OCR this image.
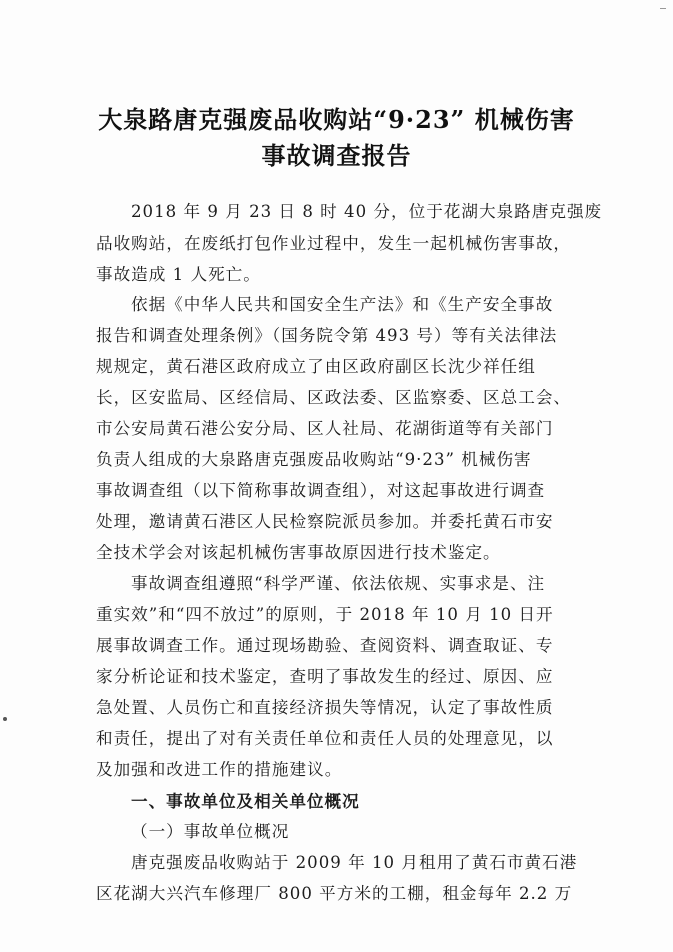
大泉路唐克强废品收购站“9·23” 机械伤害
事故调查报告
2018 年 9 月 23 日 8 时 40 分，位于花湖大泉路唐克强废
品收购站，在废纸打包作业过程中，发生一起机械伤害事故，
事故造成 1 人死亡。
依据《中华人民共和国安全生产法》和《生产安全事故
报告和调查处理条例》（国务院令第 493 号）等有关法律法
规规定，黄石港区政府成立了由区政府副区长沈少祥任组
长，区安监局、区经信局、区政法委、区监察委、区总工会、
市公安局黄石港公安分局、区人社局、花湖街道等有关部门
负责人组成的大泉路唐克强废品收购站“9·23” 机械伤害
事故调查组（以下简称事故调查组），对这起事故进行调查
处理，邀请黄石港区人民检察院派员参加。并委托黄石市安
全技术学会对该起机械伤害事故原因进行技术鉴定。
事故调查组遵照“科学严谨、依法依规、实事求是、注
重实效”和“四不放过”的原则，于 2018 年 10 月 10 日开
展事故调查工作。通过现场勘验、查阅资料、调查取证、专
家分析论证和技术鉴定，查明了事故发生的经过、原因、应
急处置、人员伤亡和直接经济损失等情况，认定了事故性质
和责任，提出了对有关责任单位和责任人员的处理意见，以
及加强和改进工作的措施建议。
一、事故单位及相关单位概况
（一）事故单位概况
唐克强废品收购站于 2009 年 10 月租用了黄石市黄石港
区花湖大兴汽车修理厂 800 平方米的工棚，租金每年 2.2 万
